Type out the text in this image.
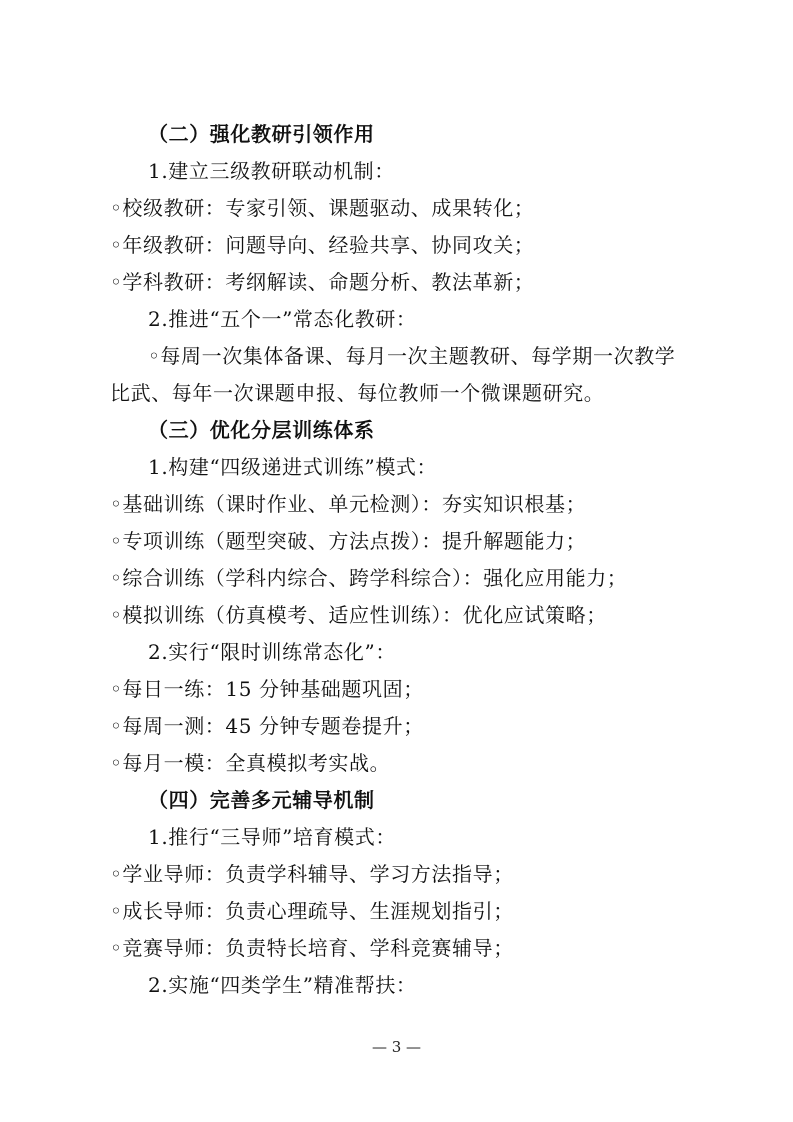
（二）强化教研引领作用
1.建立三级教研联动机制：
◦校级教研：专家引领、课题驱动、成果转化；
◦年级教研：问题导向、经验共享、协同攻关；
◦学科教研：考纲解读、命题分析、教法革新；
2.推进“五个一”常态化教研：
◦每周一次集体备课、每月一次主题教研、每学期一次教学
比武、每年一次课题申报、每位教师一个微课题研究。
（三）优化分层训练体系
1.构建“四级递进式训练”模式：
◦基础训练（课时作业、单元检测）：夯实知识根基；
◦专项训练（题型突破、方法点拨）：提升解题能力；
◦综合训练（学科内综合、跨学科综合）：强化应用能力；
◦模拟训练（仿真模考、适应性训练）：优化应试策略；
2.实行“限时训练常态化”：
◦每日一练：15 分钟基础题巩固；
◦每周一测：45 分钟专题卷提升；
◦每月一模：全真模拟考实战。
（四）完善多元辅导机制
1.推行“三导师”培育模式：
◦学业导师：负责学科辅导、学习方法指导；
◦成长导师：负责心理疏导、生涯规划指引；
◦竞赛导师：负责特长培育、学科竞赛辅导；
2.实施“四类学生”精准帮扶：
— 3 —
